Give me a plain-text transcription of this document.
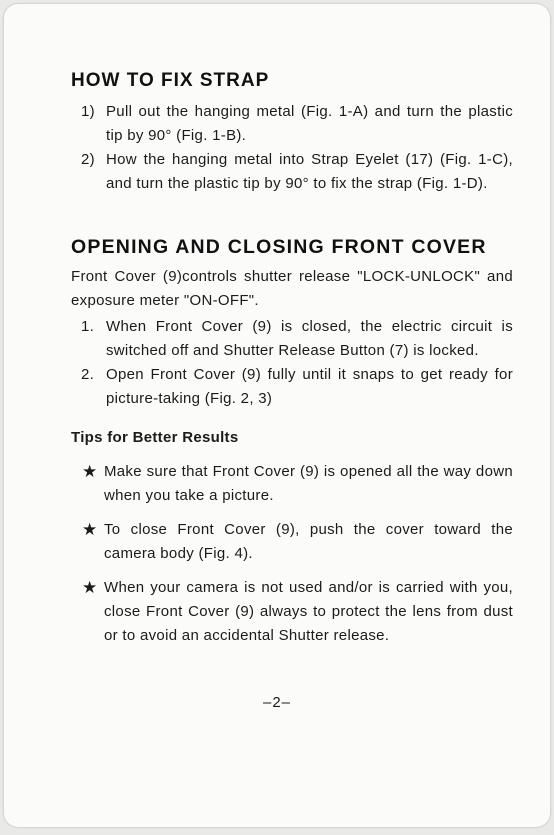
HOW TO FIX STRAP
1) Pull out the hanging metal (Fig. 1-A) and turn the plastic tip by 90° (Fig. 1-B).
2) How the hanging metal into Strap Eyelet (17) (Fig. 1-C), and turn the plastic tip by 90° to fix the strap (Fig. 1-D).
OPENING AND CLOSING FRONT COVER
Front Cover (9)controls shutter release "LOCK-UNLOCK" and exposure meter "ON-OFF".
1. When Front Cover (9) is closed, the electric circuit is switched off and Shutter Release Button (7) is locked.
2. Open Front Cover (9) fully until it snaps to get ready for picture-taking (Fig. 2, 3)
Tips for Better Results
★ Make sure that Front Cover (9) is opened all the way down when you take a picture.
★ To close Front Cover (9), push the cover toward the camera body (Fig. 4).
★ When your camera is not used and/or is carried with you, close Front Cover (9) always to protect the lens from dust or to avoid an accidental Shutter release.
–2–
